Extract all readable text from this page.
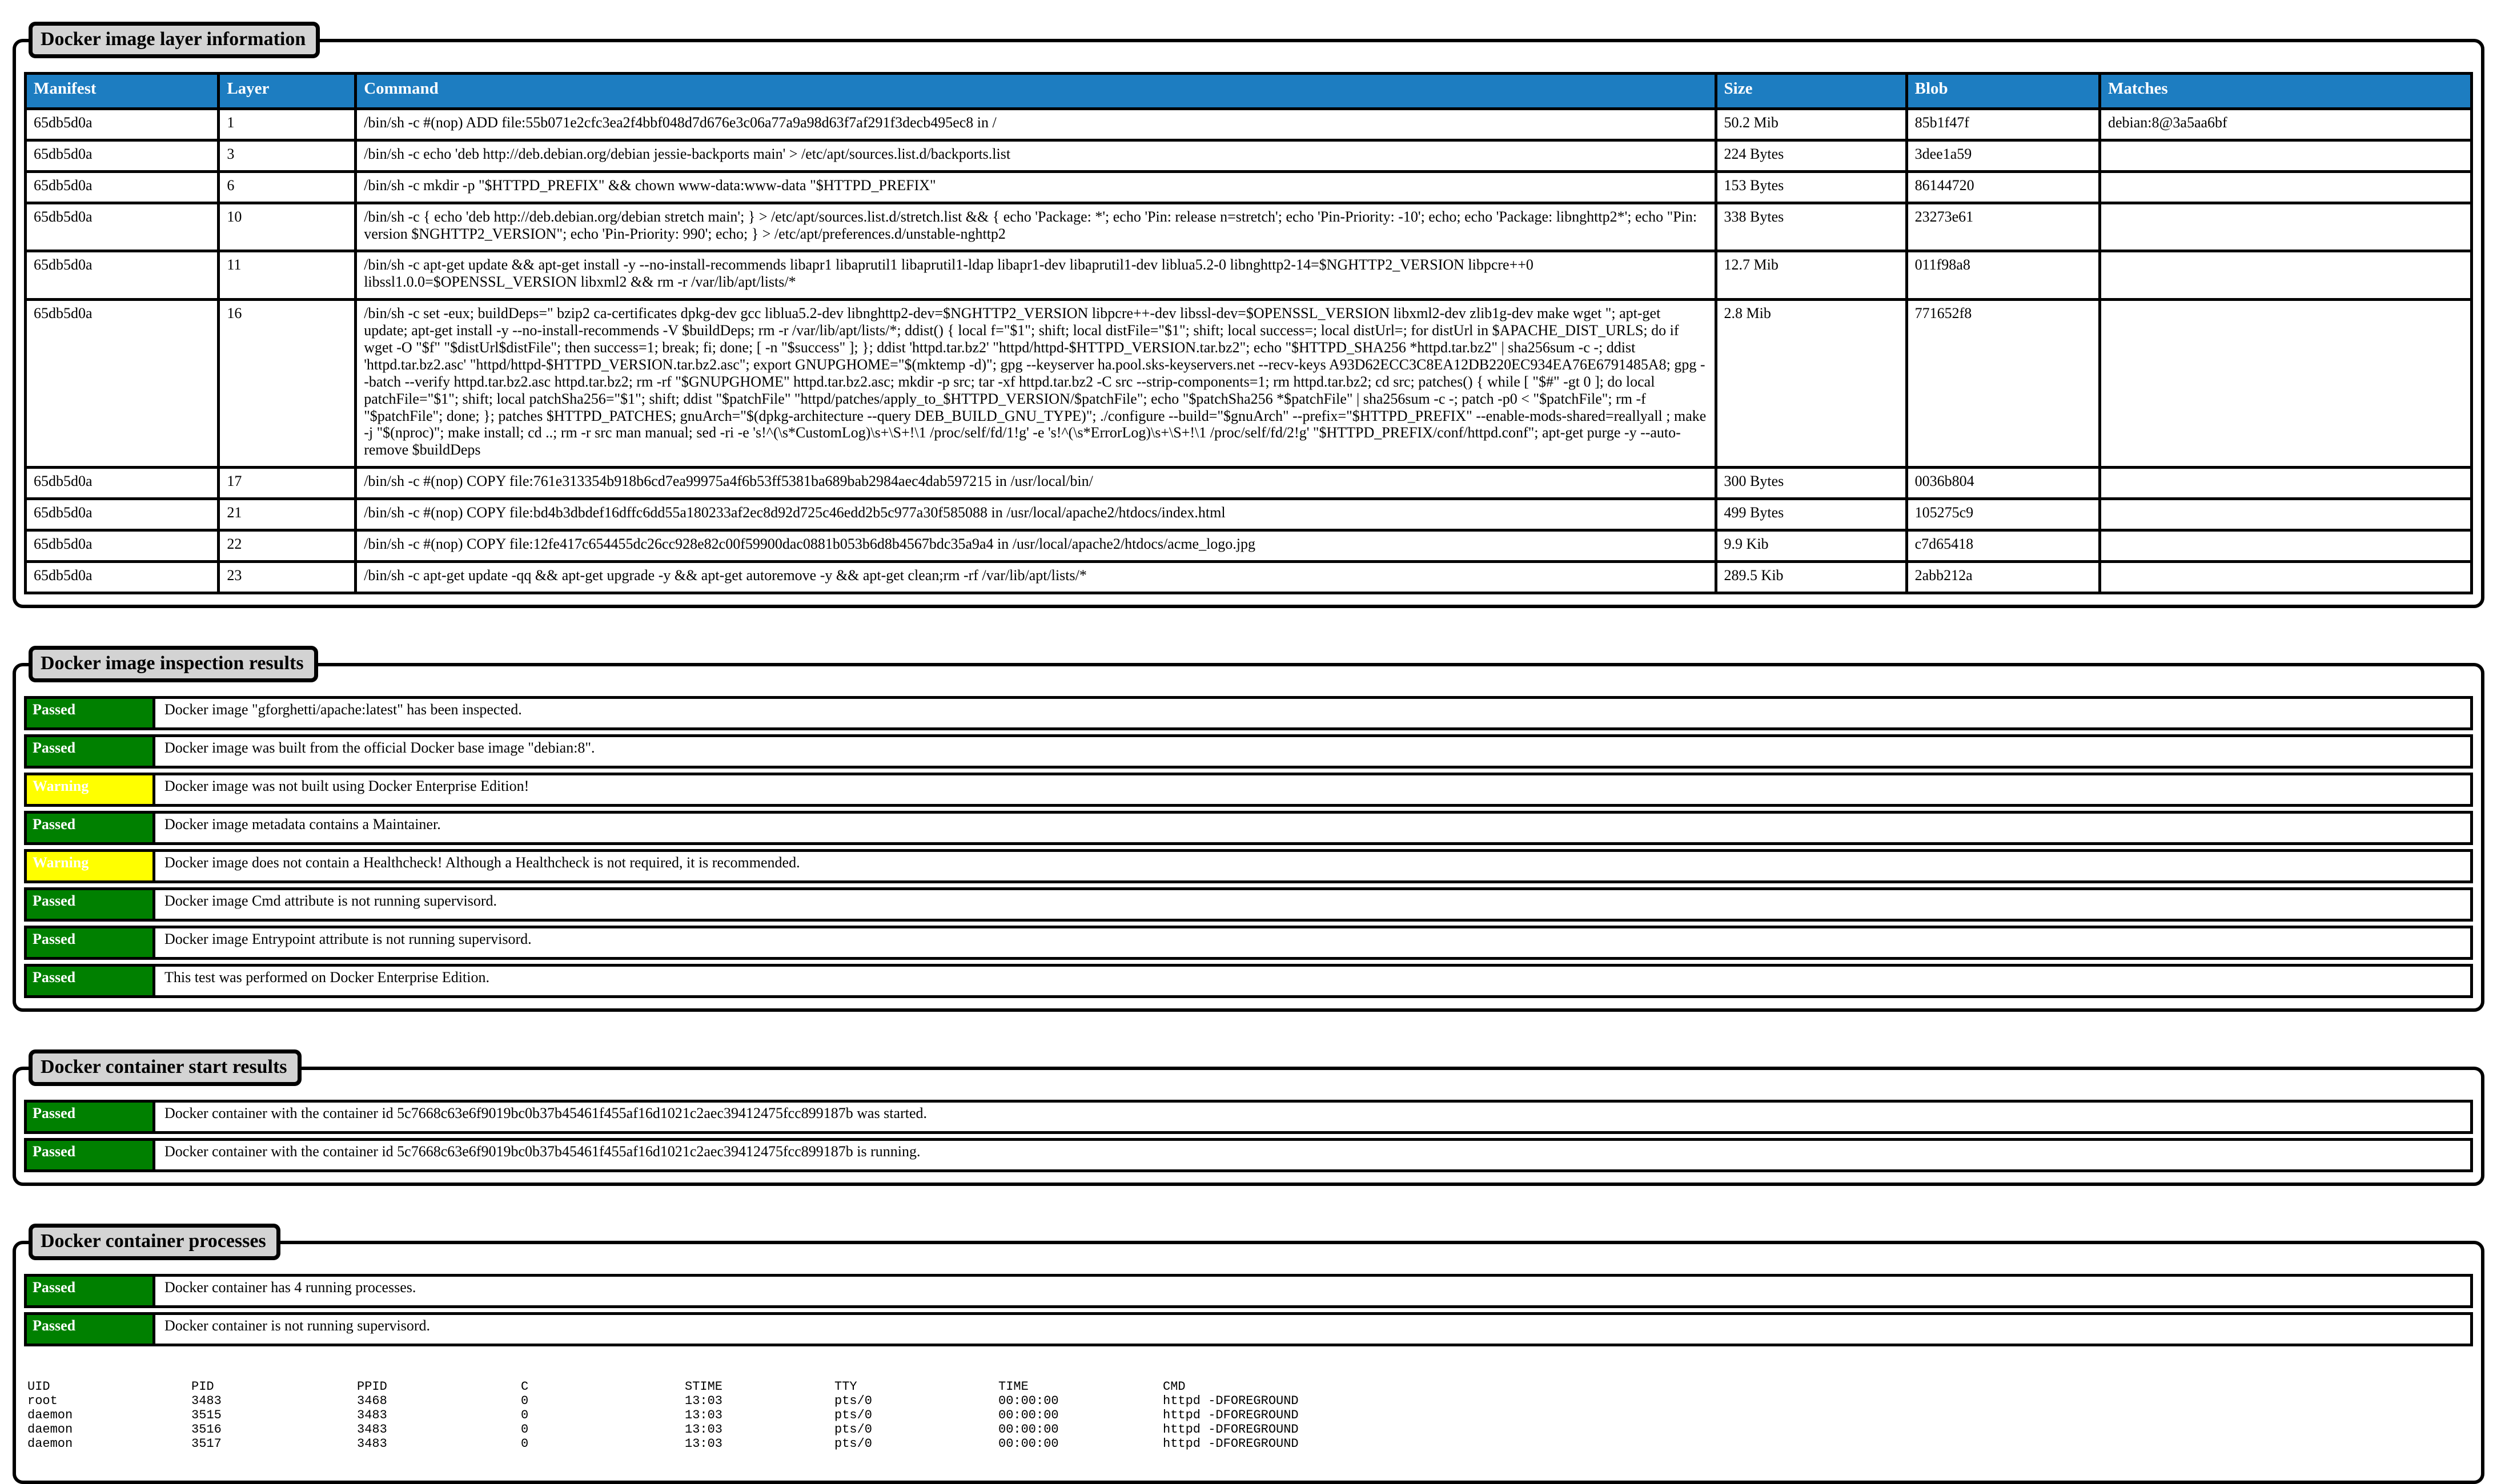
Docker image layer information
Manifest	Layer	Command	Size	Blob	Matches
65db5d0a	1	/bin/sh -c #(nop) ADD file:55b071e2cfc3ea2f4bbf048d7d676e3c06a77a9a98d63f7af291f3decb495ec8 in /	50.2 Mib	85b1f47f	debian:8@3a5aa6bf
65db5d0a	3	/bin/sh -c echo 'deb http://deb.debian.org/debian jessie-backports main' > /etc/apt/sources.list.d/backports.list	224 Bytes	3dee1a59	
65db5d0a	6	/bin/sh -c mkdir -p "$HTTPD_PREFIX" && chown www-data:www-data "$HTTPD_PREFIX"	153 Bytes	86144720	
65db5d0a	10	/bin/sh -c { echo 'deb http://deb.debian.org/debian stretch main'; } > /etc/apt/sources.list.d/stretch.list && { echo 'Package: *'; echo 'Pin: release n=stretch'; echo 'Pin-Priority: -10'; echo; echo 'Package: libnghttp2*'; echo "Pin: version $NGHTTP2_VERSION"; echo 'Pin-Priority: 990'; echo; } > /etc/apt/preferences.d/unstable-nghttp2	338 Bytes	23273e61	
65db5d0a	11	/bin/sh -c apt-get update && apt-get install -y --no-install-recommends libapr1 libaprutil1 libaprutil1-ldap libapr1-dev libaprutil1-dev liblua5.2-0 libnghttp2-14=$NGHTTP2_VERSION libpcre++0 libssl1.0.0=$OPENSSL_VERSION libxml2 && rm -r /var/lib/apt/lists/*	12.7 Mib	011f98a8	
65db5d0a	16	/bin/sh -c set -eux; buildDeps=" bzip2 ca-certificates dpkg-dev gcc liblua5.2-dev libnghttp2-dev=$NGHTTP2_VERSION libpcre++-dev libssl-dev=$OPENSSL_VERSION libxml2-dev zlib1g-dev make wget "; apt-get update; apt-get install -y --no-install-recommends -V $buildDeps; rm -r /var/lib/apt/lists/*; ddist() { local f="$1"; shift; local distFile="$1"; shift; local success=; local distUrl=; for distUrl in $APACHE_DIST_URLS; do if wget -O "$f" "$distUrl$distFile"; then success=1; break; fi; done; [ -n "$success" ]; }; ddist 'httpd.tar.bz2' "httpd/httpd-$HTTPD_VERSION.tar.bz2"; echo "$HTTPD_SHA256 *httpd.tar.bz2" | sha256sum -c -; ddist 'httpd.tar.bz2.asc' "httpd/httpd-$HTTPD_VERSION.tar.bz2.asc"; export GNUPGHOME="$(mktemp -d)"; gpg --keyserver ha.pool.sks-keyservers.net --recv-keys A93D62ECC3C8EA12DB220EC934EA76E6791485A8; gpg --batch --verify httpd.tar.bz2.asc httpd.tar.bz2; rm -rf "$GNUPGHOME" httpd.tar.bz2.asc; mkdir -p src; tar -xf httpd.tar.bz2 -C src --strip-components=1; rm httpd.tar.bz2; cd src; patches() { while [ "$#" -gt 0 ]; do local patchFile="$1"; shift; local patchSha256="$1"; shift; ddist "$patchFile" "httpd/patches/apply_to_$HTTPD_VERSION/$patchFile"; echo "$patchSha256 *$patchFile" | sha256sum -c -; patch -p0 < "$patchFile"; rm -f "$patchFile"; done; }; patches $HTTPD_PATCHES; gnuArch="$(dpkg-architecture --query DEB_BUILD_GNU_TYPE)"; ./configure --build="$gnuArch" --prefix="$HTTPD_PREFIX" --enable-mods-shared=reallyall ; make -j "$(nproc)"; make install; cd ..; rm -r src man manual; sed -ri -e 's!^(\s*CustomLog)\s+\S+!\1 /proc/self/fd/1!g' -e 's!^(\s*ErrorLog)\s+\S+!\1 /proc/self/fd/2!g' "$HTTPD_PREFIX/conf/httpd.conf"; apt-get purge -y --auto-remove $buildDeps	2.8 Mib	771652f8	
65db5d0a	17	/bin/sh -c #(nop) COPY file:761e313354b918b6cd7ea99975a4f6b53ff5381ba689bab2984aec4dab597215 in /usr/local/bin/	300 Bytes	0036b804	
65db5d0a	21	/bin/sh -c #(nop) COPY file:bd4b3dbdef16dffc6dd55a180233af2ec8d92d725c46edd2b5c977a30f585088 in /usr/local/apache2/htdocs/index.html	499 Bytes	105275c9	
65db5d0a	22	/bin/sh -c #(nop) COPY file:12fe417c654455dc26cc928e82c00f59900dac0881b053b6d8b4567bdc35a9a4 in /usr/local/apache2/htdocs/acme_logo.jpg	9.9 Kib	c7d65418	
65db5d0a	23	/bin/sh -c apt-get update -qq && apt-get upgrade -y && apt-get autoremove -y && apt-get clean;rm -rf /var/lib/apt/lists/*	289.5 Kib	2abb212a	
Docker image inspection results
Passed	Docker image "gforghetti/apache:latest" has been inspected.
Passed	Docker image was built from the official Docker base image "debian:8".
Warning	Docker image was not built using Docker Enterprise Edition!
Passed	Docker image metadata contains a Maintainer.
Warning	Docker image does not contain a Healthcheck! Although a Healthcheck is not required, it is recommended.
Passed	Docker image Cmd attribute is not running supervisord.
Passed	Docker image Entrypoint attribute is not running supervisord.
Passed	This test was performed on Docker Enterprise Edition.
Docker container start results
Passed	Docker container with the container id 5c7668c63e6f9019bc0b37b45461f455af16d1021c2aec39412475fcc899187b was started.
Passed	Docker container with the container id 5c7668c63e6f9019bc0b37b45461f455af16d1021c2aec39412475fcc899187b is running.
Docker container processes
Passed	Docker container has 4 running processes.
Passed	Docker container is not running supervisord.
UID	PID	PPID	C	STIME	TTY	TIME	CMD
root	3483	3468	0	13:03	pts/0	00:00:00	httpd -DFOREGROUND
daemon	3515	3483	0	13:03	pts/0	00:00:00	httpd -DFOREGROUND
daemon	3516	3483	0	13:03	pts/0	00:00:00	httpd -DFOREGROUND
daemon	3517	3483	0	13:03	pts/0	00:00:00	httpd -DFOREGROUND
